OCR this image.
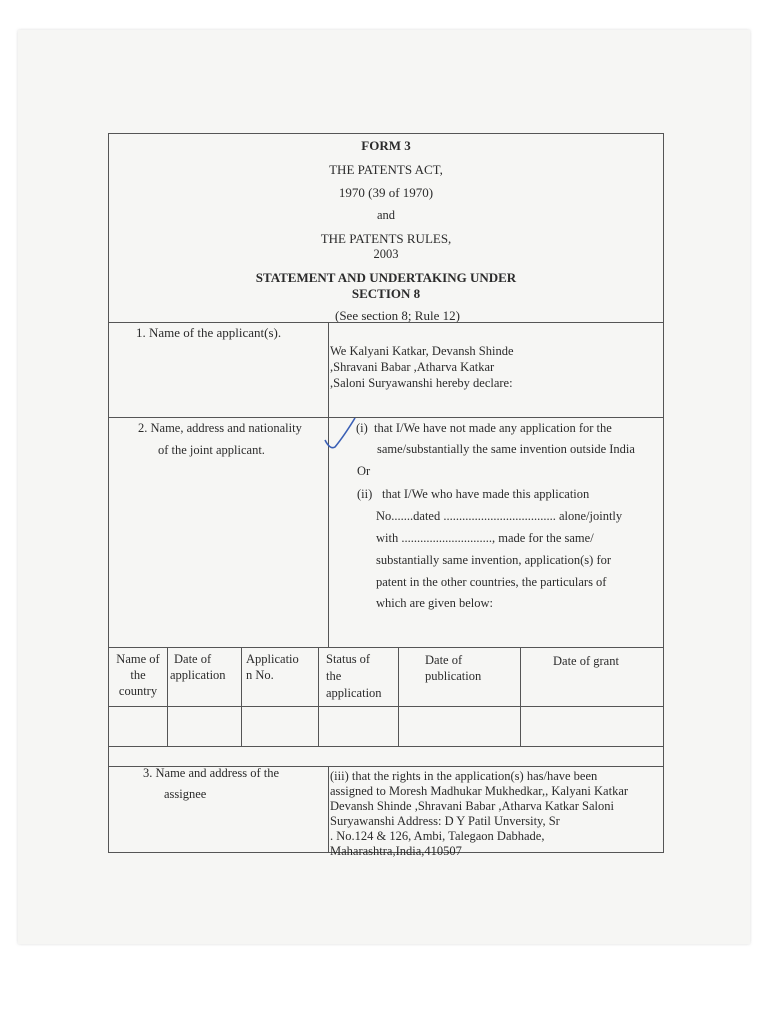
FORM 3
THE PATENTS ACT,
1970 (39 of 1970)
and
THE PATENTS RULES,
2003
STATEMENT AND UNDERTAKING UNDER
SECTION 8
(See section 8; Rule 12)
1. Name of the applicant(s).
We Kalyani Katkar, Devansh Shinde
,Shravani Babar ,Atharva Katkar
,Saloni Suryawanshi hereby declare:
2. Name, address and nationality
of the joint applicant.
(i) that I/We have not made any application for the
same/substantially the same invention outside India
Or
(ii) that I/We who have made this application
No.......dated .................................... alone/jointly
with ............................., made for the same/
substantially same invention, application(s) for
patent in the other countries, the particulars of
which are given below:
Name of
the
country
Date of
application
Applicatio
n No.
Status of
the
application
Date of
publication
Date of grant
3. Name and address of the
assignee
(iii) that the rights in the application(s) has/have been
assigned to Moresh Madhukar Mukhedkar,, Kalyani Katkar
Devansh Shinde ,Shravani Babar ,Atharva Katkar Saloni
Suryawanshi Address: D Y Patil Unversity, Sr
. No.124 & 126, Ambi, Talegaon Dabhade,
Maharashtra,India,410507
